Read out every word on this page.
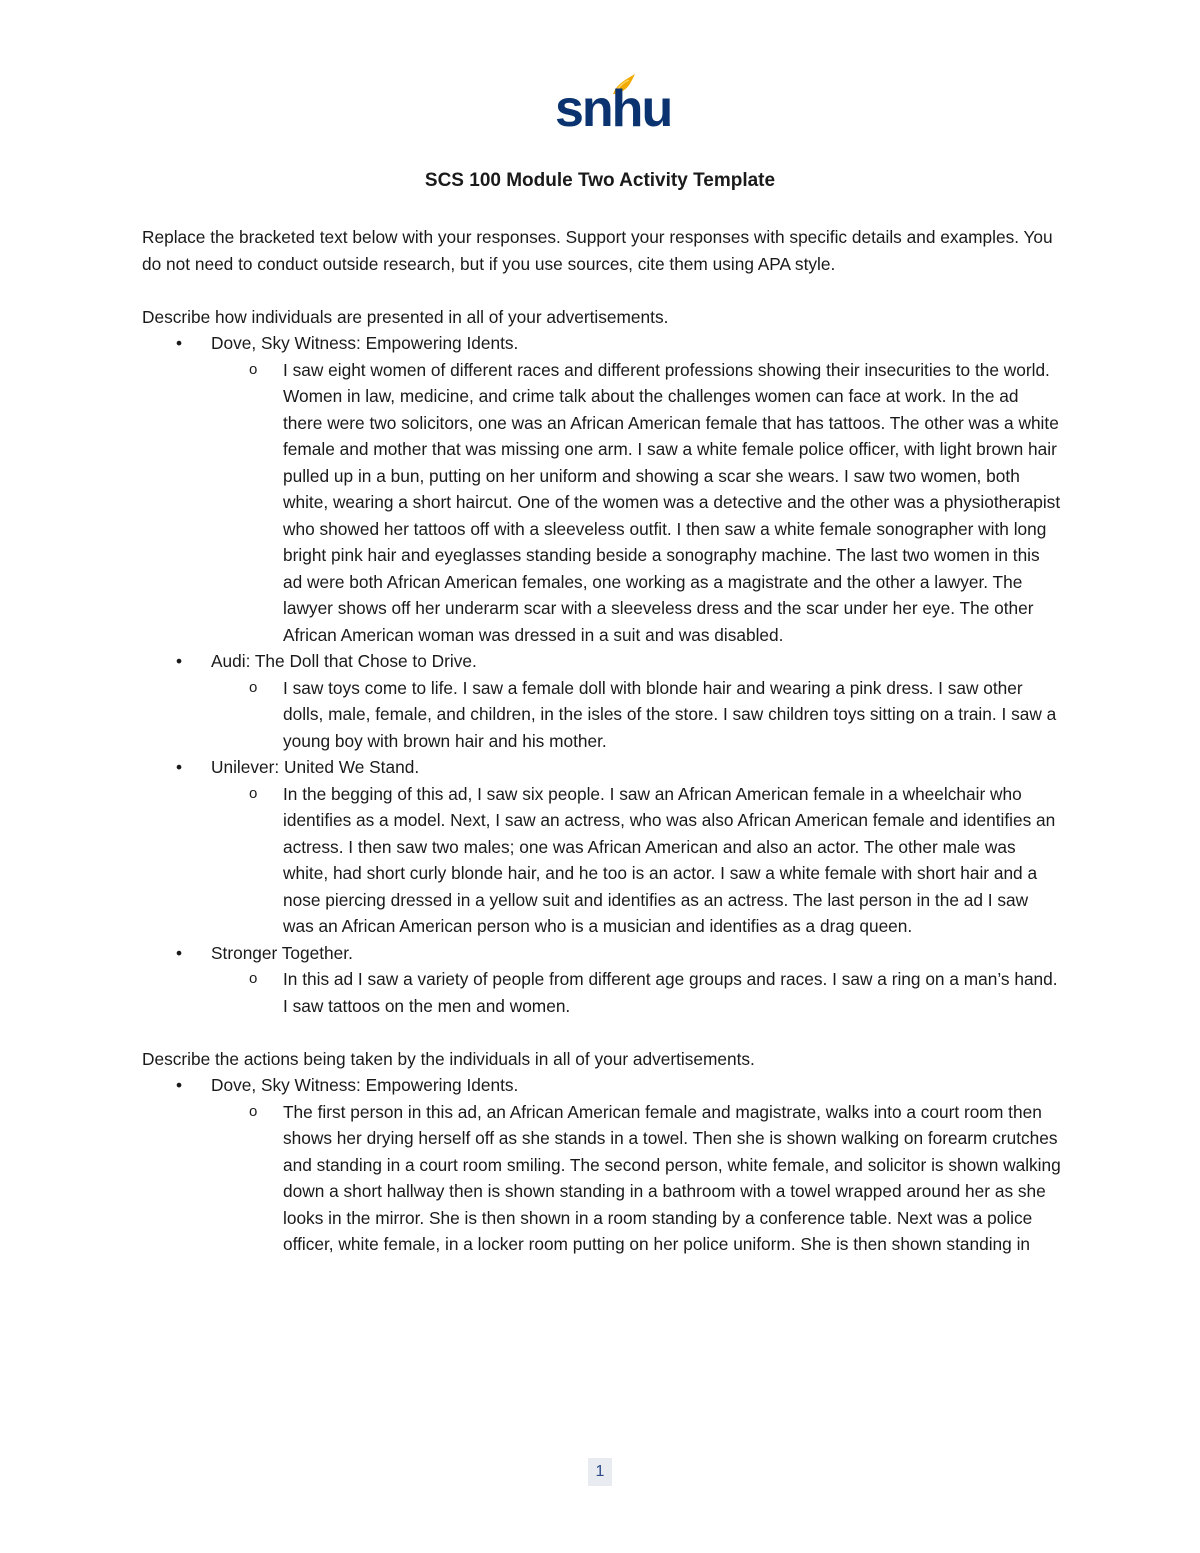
snhu
SCS 100 Module Two Activity Template

Replace the bracketed text below with your responses. Support your responses with specific details and examples. You do not need to conduct outside research, but if you use sources, cite them using APA style.

Describe how individuals are presented in all of your advertisements.

• Dove, Sky Witness: Empowering Idents.

o I saw eight women of different races and different professions showing their insecurities to the world. Women in law, medicine, and crime talk about the challenges women can face at work. In the ad there were two solicitors, one was an African American female that has tattoos. The other was a white female and mother that was missing one arm. I saw a white female police officer, with light brown hair pulled up in a bun, putting on her uniform and showing a scar she wears. I saw two women, both white, wearing a short haircut. One of the women was a detective and the other was a physiotherapist who showed her tattoos off with a sleeveless outfit. I then saw a white female sonographer with long bright pink hair and eyeglasses standing beside a sonography machine. The last two women in this ad were both African American females, one working as a magistrate and the other a lawyer. The lawyer shows off her underarm scar with a sleeveless dress and the scar under her eye. The other African American woman was dressed in a suit and was disabled.

• Audi: The Doll that Chose to Drive.

o I saw toys come to life. I saw a female doll with blonde hair and wearing a pink dress. I saw other dolls, male, female, and children, in the isles of the store. I saw children toys sitting on a train. I saw a young boy with brown hair and his mother.

• Unilever: United We Stand.

o In the begging of this ad, I saw six people. I saw an African American female in a wheelchair who identifies as a model. Next, I saw an actress, who was also African American female and identifies an actress. I then saw two males; one was African American and also an actor. The other male was white, had short curly blonde hair, and he too is an actor. I saw a white female with short hair and a nose piercing dressed in a yellow suit and identifies as an actress. The last person in the ad I saw was an African American person who is a musician and identifies as a drag queen.

• Stronger Together.

o In this ad I saw a variety of people from different age groups and races. I saw a ring on a man’s hand. I saw tattoos on the men and women.

Describe the actions being taken by the individuals in all of your advertisements.

• Dove, Sky Witness: Empowering Idents.

o The first person in this ad, an African American female and magistrate, walks into a court room then shows her drying herself off as she stands in a towel. Then she is shown walking on forearm crutches and standing in a court room smiling. The second person, white female, and solicitor is shown walking down a short hallway then is shown standing in a bathroom with a towel wrapped around her as she looks in the mirror. She is then shown in a room standing by a conference table. Next was a police officer, white female, in a locker room putting on her police uniform. She is then shown standing in

1
